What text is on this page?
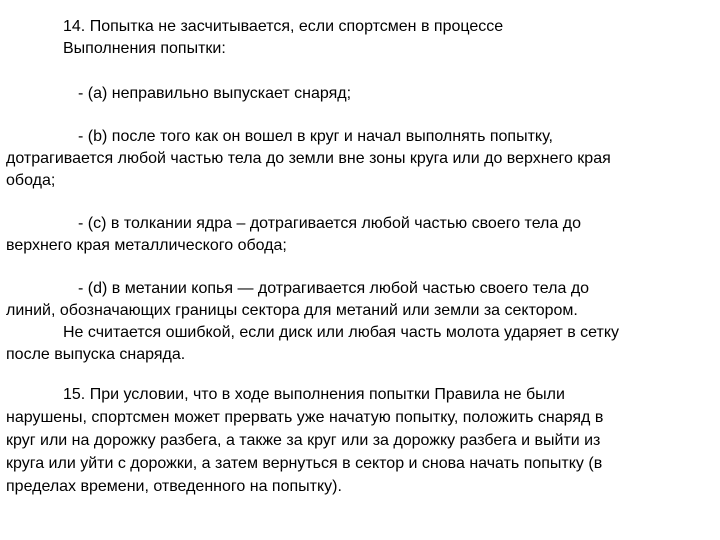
14. Попытка не засчитывается, если спортсмен в процессе
Выполнения попытки:
- (a) неправильно выпускает снаряд;
- (b) после того как он вошел в круг и начал выполнять попытку,
дотрагивается любой частью тела до земли вне зоны круга или до верхнего края
обода;
- (c) в толкании ядра – дотрагивается любой частью своего тела до
верхнего края металлического обода;
- (d) в метании копья — дотрагивается любой частью своего тела до
линий, обозначающих границы сектора для метаний или земли за сектором.
Не считается ошибкой, если диск или любая часть молота ударяет в сетку
после выпуска снаряда.
15. При условии, что в ходе выполнения попытки Правила не были
нарушены, спортсмен может прервать уже начатую попытку, положить снаряд в
круг или на дорожку разбега, а также за круг или за дорожку разбега и выйти из
круга или уйти с дорожки, а затем вернуться в сектор и снова начать попытку (в
пределах времени, отведенного на попытку).
